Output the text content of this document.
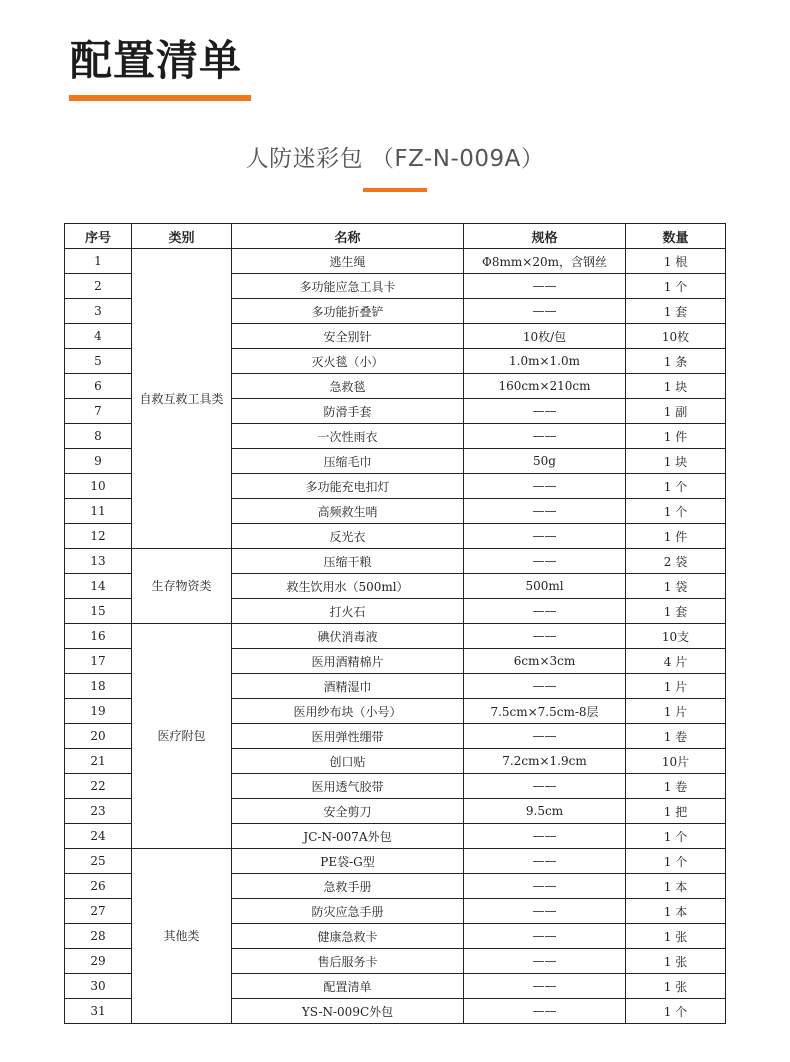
配置清单
人防迷彩包 （FZ-N-009A）
序号	类别	名称	规格	数量
1	自救互救工具类	逃生绳	Φ8mm×20m，含钢丝	1 根
2		多功能应急工具卡	——	1 个
3		多功能折叠铲	——	1 套
4		安全别针	10枚/包	10枚
5		灭火毯（小）	1.0m×1.0m	1 条
6		急救毯	160cm×210cm	1 块
7		防滑手套	——	1 副
8		一次性雨衣	——	1 件
9		压缩毛巾	50g	1 块
10		多功能充电扣灯	——	1 个
11		高频救生哨	——	1 个
12		反光衣	——	1 件
13	生存物资类	压缩干粮	——	2 袋
14		救生饮用水（500ml）	500ml	1 袋
15		打火石	——	1 套
16	医疗附包	碘伏消毒液	——	10支
17		医用酒精棉片	6cm×3cm	4 片
18		酒精湿巾	——	1 片
19		医用纱布块（小号）	7.5cm×7.5cm-8层	1 片
20		医用弹性绷带	——	1 卷
21		创口贴	7.2cm×1.9cm	10片
22		医用透气胶带	——	1 卷
23		安全剪刀	9.5cm	1 把
24		JC-N-007A外包	——	1 个
25	其他类	PE袋-G型	——	1 个
26		急救手册	——	1 本
27		防灾应急手册	——	1 本
28		健康急救卡	——	1 张
29		售后服务卡	——	1 张
30		配置清单	——	1 张
31		YS-N-009C外包	——	1 个
